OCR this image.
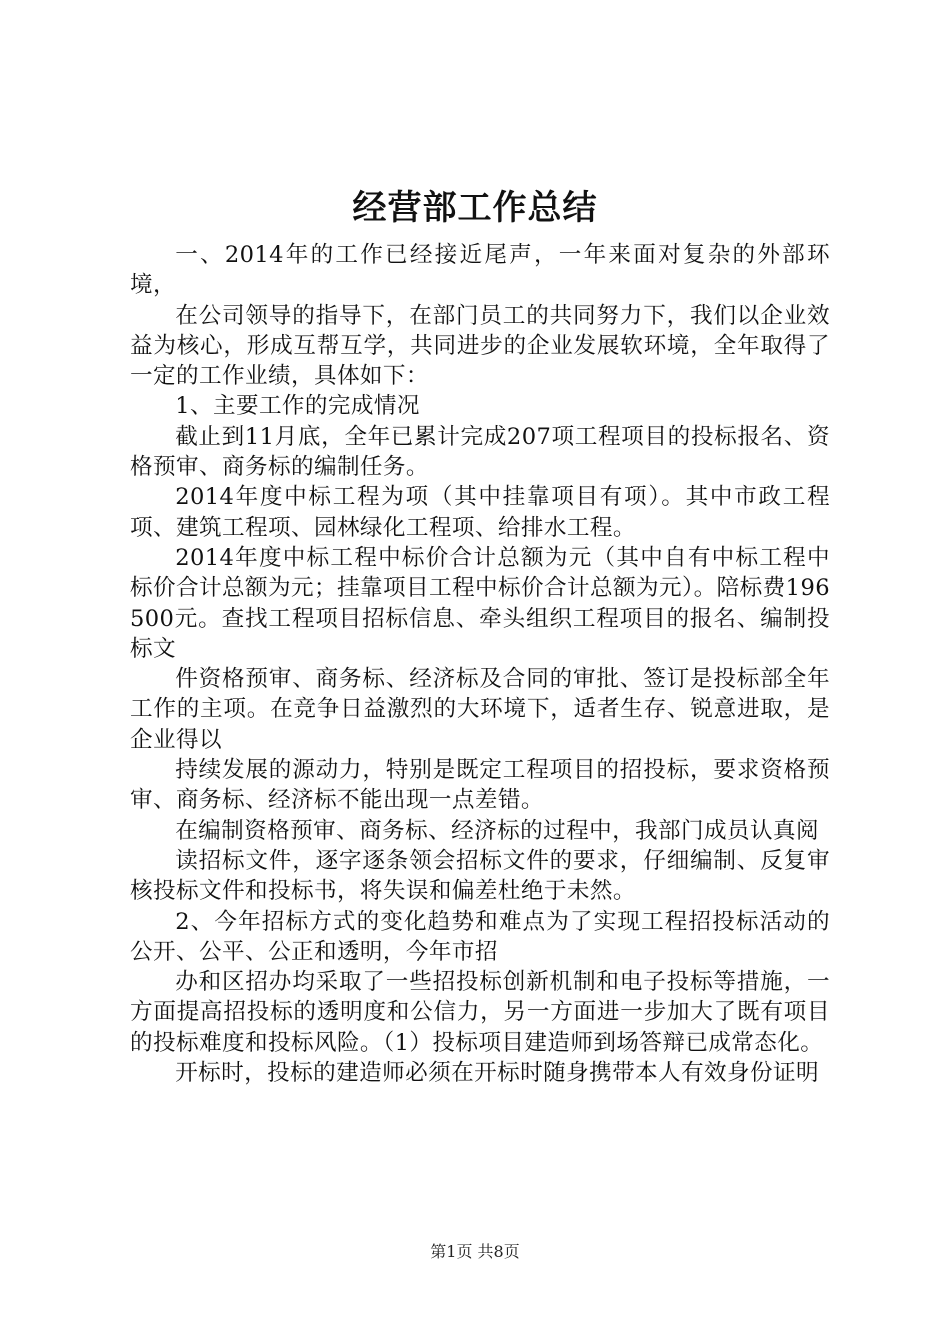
经营部工作总结

一、2014年的工作已经接近尾声，一年来面对复杂的外部环境，

在公司领导的指导下，在部门员工的共同努力下，我们以企业效益为核心，形成互帮互学，共同进步的企业发展软环境，全年取得了一定的工作业绩，具体如下：

1、主要工作的完成情况

截止到11月底，全年已累计完成207项工程项目的投标报名、资格预审、商务标的编制任务。

2014年度中标工程为项（其中挂靠项目有项）。其中市政工程项、建筑工程项、园林绿化工程项、给排水工程。

2014年度中标工程中标价合计总额为元（其中自有中标工程中标价合计总额为元；挂靠项目工程中标价合计总额为元）。陪标费196500元。查找工程项目招标信息、牵头组织工程项目的报名、编制投标文

件资格预审、商务标、经济标及合同的审批、签订是投标部全年工作的主项。在竞争日益激烈的大环境下，适者生存、锐意进取，是企业得以

持续发展的源动力，特别是既定工程项目的招投标，要求资格预审、商务标、经济标不能出现一点差错。

在编制资格预审、商务标、经济标的过程中，我部门成员认真阅

读招标文件，逐字逐条领会招标文件的要求，仔细编制、反复审核投标文件和投标书，将失误和偏差杜绝于未然。

2、今年招标方式的变化趋势和难点为了实现工程招投标活动的公开、公平、公正和透明，今年市招

办和区招办均采取了一些招投标创新机制和电子投标等措施，一方面提高招投标的透明度和公信力，另一方面进一步加大了既有项目的投标难度和投标风险。（1）投标项目建造师到场答辩已成常态化。

开标时，投标的建造师必须在开标时随身携带本人有效身份证明

第1页 共8页
